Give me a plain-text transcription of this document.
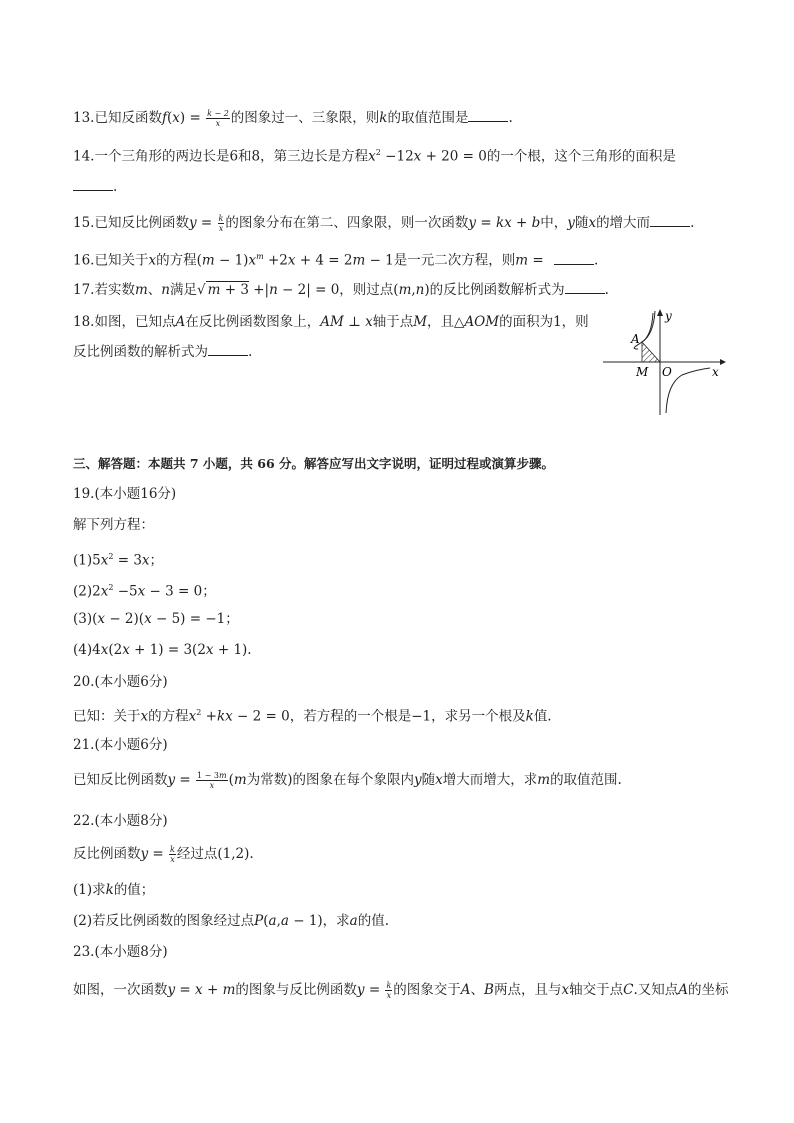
13.已知反函数$f(x) = \frac{k - 2}{x}$ 的图象过一、三象限，则k的取值范围是	.
14.一个三角形的两边长是6和8，第三边长是方程$x^2 -12x + 20 = 0$的一个根，这个三角形的面积是
.
15.已知反比例函数$y = \frac{k}{x}$ 的图象分布在第二、四象限，则一次函数y = kx + b中，y随x的增大而	.
16.已知关于x的方程$(m - 1)x^m +2x + 4 = 2m - 1$是一元二次方程，则m =	.
17.若实数m、n满足√ m + 3 +|n − 2| = 0，则过点(m,n)的反比例函数解析式为	.
18.如图，已知点A在反比例函数图象上，AM ⊥ x轴于点M，且△AOM的面积为1，则
反比例函数的解析式为	.
A
M O	x
y
三、解答题：本题共 7 小题，共 66 分。解答应写出文字说明，证明过程或演算步骤。
19.(本小题16分)
解下列方程：
$(1)5x^2 = 3x$；
$(2)2x^2 -5x - 3 = 0$；
(3)(x − 2)(x − 5) = −1；
(4)4x(2x + 1) = 3(2x + 1).
20.(本小题6分)
已知：关于x的方程$x^2 +kx - 2 = 0$，若方程的一个根是−1，求另一个根及k值.
21.(本小题6分)
已知反比例函数$y = \frac{1 - 3m}{x} (m$为常数)的图象在每个象限内y随x增大而增大，求m的取值范围.
22.(本小题8分)
反比例函数$y = \frac{k}{x}$ 经过点(1,2).
(1)求k的值；
(2)若反比例函数的图象经过点P(a,a − 1)，求a的值.
23.(本小题8分)
如图，一次函数y = x + m的图象与反比例函数$y = \frac{k}{x}$ 的图象交于A、B两点，且与x轴交于点C.又知点A的坐标
